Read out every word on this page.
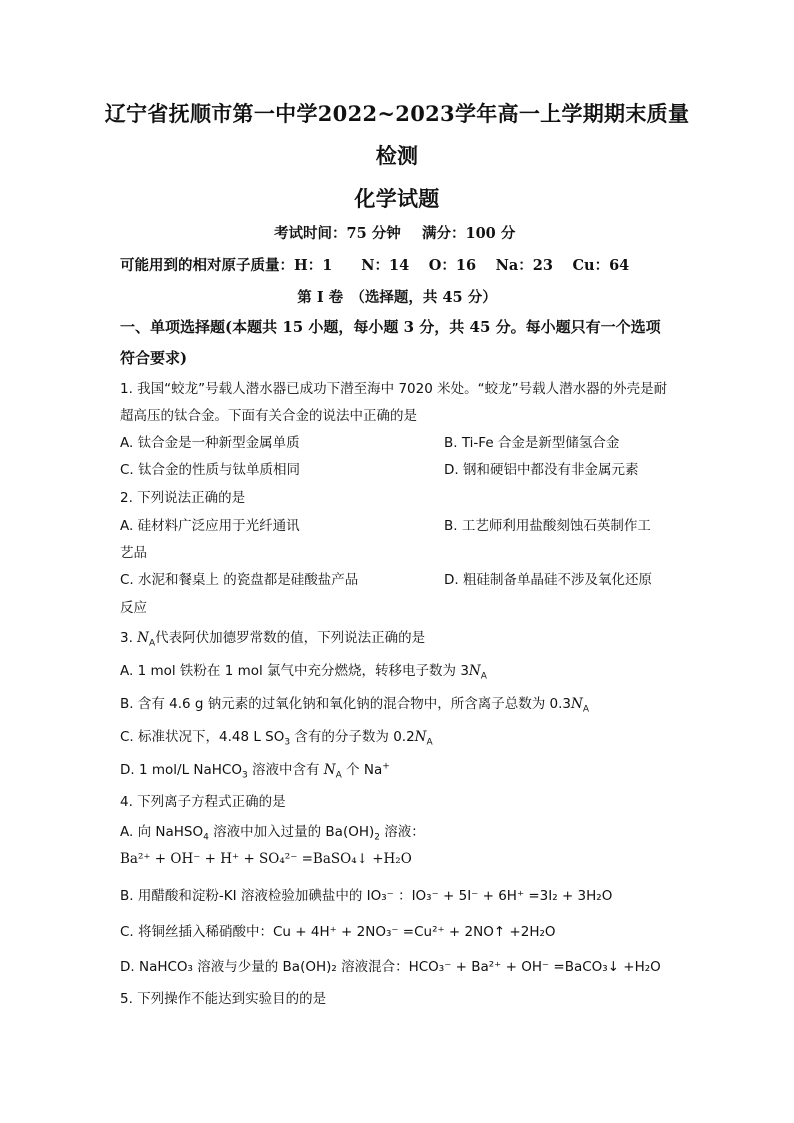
辽宁省抚顺市第一中学2022~2023学年高一上学期期末质量
检测
化学试题
考试时间：75 分钟 满分：100 分
可能用到的相对原子质量：H：1　　N：14　 O：16　 Na：23　 Cu：64
第 I 卷　（选择题，共 45 分）
一、单项选择题(本题共 15 小题，每小题 3 分，共 45 分。每小题只有一个选项
符合要求)
1. 我国“蛟龙”号载人潜水器已成功下潜至海中 7020 米处。“蛟龙”号载人潜水器的外壳是耐
超高压的钛合金。下面有关合金的说法中正确的是
A. 钛合金是一种新型金属单质	B. Ti-Fe 合金是新型储氢合金
C. 钛合金的性质与钛单质相同	D. 钢和硬铝中都没有非金属元素
2. 下列说法正确的是
A. 硅材料广泛应用于光纤通讯	B. 工艺师利用盐酸刻蚀石英制作工
艺品
C. 水泥和餐桌上 的瓷盘都是硅酸盐产品	D. 粗硅制备单晶硅不涉及氧化还原
反应
3. $N_A$代表阿伏加德罗常数的值，下列说法正确的是
A. 1 mol 铁粉在 1 mol 氯气中充分燃烧，转移电子数为 $3N_A$
B. 含有 4.6 g 钠元素的过氧化钠和氧化钠的混合物中，所含离子总数为 $0.3N_A$
C. 标准状况下，4.48 L $SO_3$ 含有的分子数为 $0.2N_A$
D. 1 mol/L NaHCO$_3$ 溶液中含有 $N_A$ 个 Na+
4. 下列离子方程式正确的是
A. 向 NaHSO$_4$ 溶液中加入过量的 $Ba(OH)_2$ 溶液：
Ba²⁺ + OH⁻ + H⁺ + SO₄²⁻ =BaSO₄↓ +H₂O
B. 用醋酸和淀粉-KI 溶液检验加碘盐中的 IO₃⁻ ：IO₃⁻ + 5I⁻ + 6H⁺ =3I₂ + 3H₂O
C. 将铜丝插入稀硝酸中：Cu + 4H⁺ + 2NO₃⁻ =Cu²⁺ + 2NO↑ +2H₂O
D. NaHCO₃ 溶液与少量的 Ba(OH)₂ 溶液混合：HCO₃⁻ + Ba²⁺ + OH⁻ =BaCO₃↓ +H₂O
5. 下列操作不能达到实验目的的是
